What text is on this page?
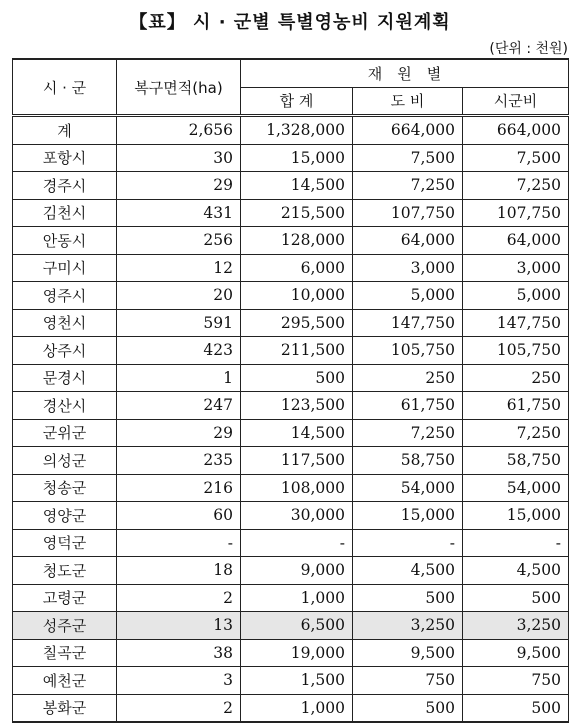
【표】 시 · 군별 특별영농비 지원계획
(단위 : 천원)
시 · 군	복구면적(ha)	재　원　별		
		합 계	도 비	시군비
계	2,656	1,328,000	664,000	664,000
포항시	30	15,000	7,500	7,500
경주시	29	14,500	7,250	7,250
김천시	431	215,500	107,750	107,750
안동시	256	128,000	64,000	64,000
구미시	12	6,000	3,000	3,000
영주시	20	10,000	5,000	5,000
영천시	591	295,500	147,750	147,750
상주시	423	211,500	105,750	105,750
문경시	1	500	250	250
경산시	247	123,500	61,750	61,750
군위군	29	14,500	7,250	7,250
의성군	235	117,500	58,750	58,750
청송군	216	108,000	54,000	54,000
영양군	60	30,000	15,000	15,000
영덕군	-	-	-	-
청도군	18	9,000	4,500	4,500
고령군	2	1,000	500	500
성주군	13	6,500	3,250	3,250
칠곡군	38	19,000	9,500	9,500
예천군	3	1,500	750	750
봉화군	2	1,000	500	500
